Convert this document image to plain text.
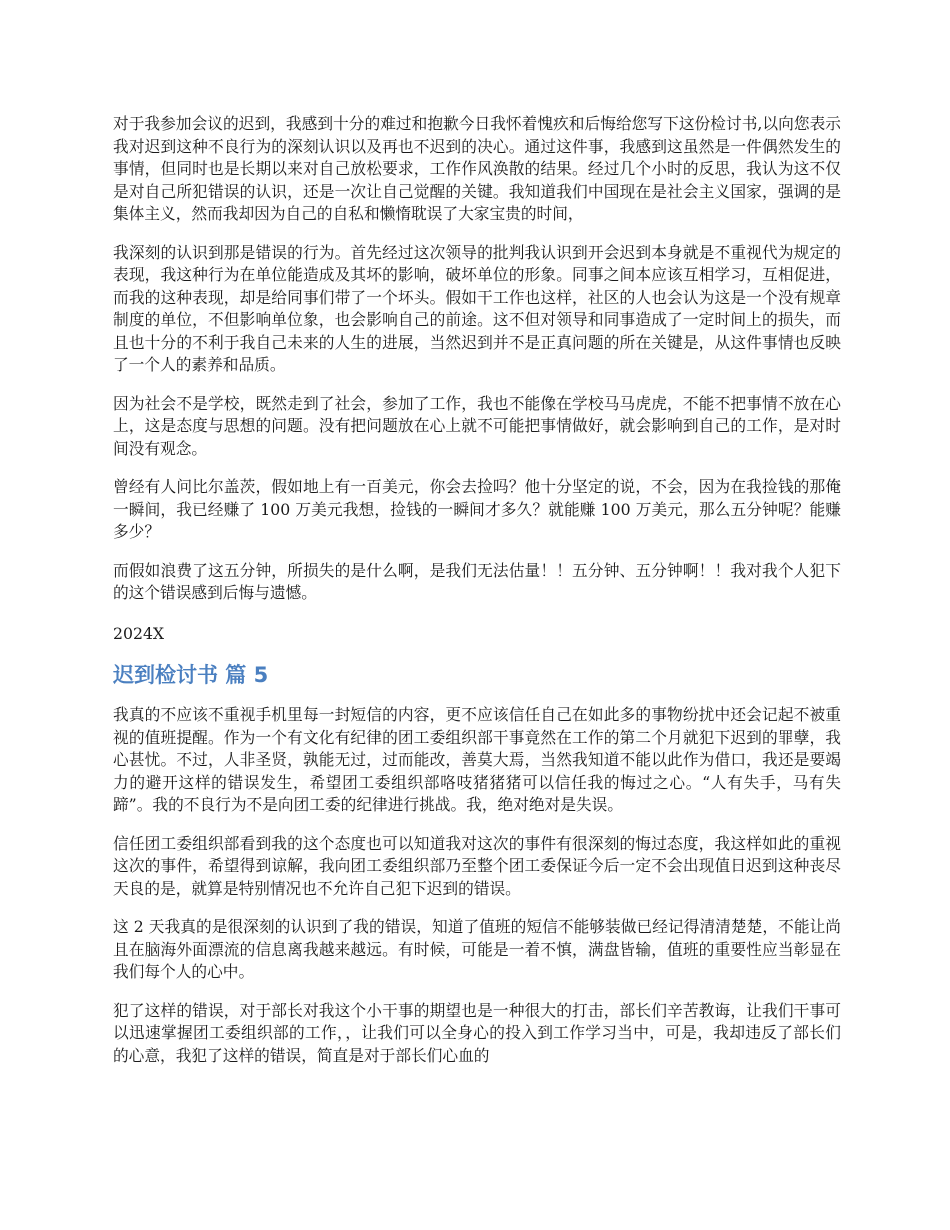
对于我参加会议的迟到，我感到十分的难过和抱歉今日我怀着愧疚和后悔给您写下这份检讨书,以向您表示我对迟到这种不良行为的深刻认识以及再也不迟到的决心。通过这件事，我感到这虽然是一件偶然发生的事情，但同时也是长期以来对自己放松要求，工作作风涣散的结果。经过几个小时的反思，我认为这不仅是对自己所犯错误的认识，还是一次让自己觉醒的关键。我知道我们中国现在是社会主义国家，强调的是集体主义，然而我却因为自己的自私和懒惰耽误了大家宝贵的时间，

我深刻的认识到那是错误的行为。首先经过这次领导的批判我认识到开会迟到本身就是不重视代为规定的表现，我这种行为在单位能造成及其坏的影响，破坏单位的形象。同事之间本应该互相学习，互相促进，而我的这种表现，却是给同事们带了一个坏头。假如干工作也这样，社区的人也会认为这是一个没有规章制度的单位，不但影响单位象，也会影响自己的前途。这不但对领导和同事造成了一定时间上的损失，而且也十分的不利于我自己未来的人生的进展，当然迟到并不是正真问题的所在关键是，从这件事情也反映了一个人的素养和品质。

因为社会不是学校，既然走到了社会，参加了工作，我也不能像在学校马马虎虎，不能不把事情不放在心上，这是态度与思想的问题。没有把问题放在心上就不可能把事情做好，就会影响到自己的工作，是对时间没有观念。

曾经有人问比尔盖茨，假如地上有一百美元，你会去捡吗？他十分坚定的说，不会，因为在我捡钱的那俺一瞬间，我已经赚了 100 万美元我想，捡钱的一瞬间才多久？就能赚 100 万美元，那么五分钟呢？能赚多少？

而假如浪费了这五分钟，所损失的是什么啊，是我们无法估量！！五分钟、五分钟啊！！我对我个人犯下的这个错误感到后悔与遗憾。

2024X

迟到检讨书 篇 5

我真的不应该不重视手机里每一封短信的内容，更不应该信任自己在如此多的事物纷扰中还会记起不被重视的值班提醒。作为一个有文化有纪律的团工委组织部干事竟然在工作的第二个月就犯下迟到的罪孽，我心甚忧。不过，人非圣贤，孰能无过，过而能改，善莫大焉，当然我知道不能以此作为借口，我还是要竭力的避开这样的错误发生，希望团工委组织部咯吱猪猪猪可以信任我的悔过之心。“人有失手，马有失蹄”。我的不良行为不是向团工委的纪律进行挑战。我，绝对绝对是失误。

信任团工委组织部看到我的这个态度也可以知道我对这次的事件有很深刻的悔过态度，我这样如此的重视这次的事件，希望得到谅解，我向团工委组织部乃至整个团工委保证今后一定不会出现值日迟到这种丧尽天良的是，就算是特别情况也不允许自己犯下迟到的错误。

这 2 天我真的是很深刻的认识到了我的错误，知道了值班的短信不能够装做已经记得清清楚楚，不能让尚且在脑海外面漂流的信息离我越来越远。有时候，可能是一着不慎，满盘皆输，值班的重要性应当彰显在我们每个人的心中。

犯了这样的错误，对于部长对我这个小干事的期望也是一种很大的打击，部长们辛苦教诲，让我们干事可以迅速掌握团工委组织部的工作，，让我们可以全身心的投入到工作学习当中，可是，我却违反了部长们的心意，我犯了这样的错误，简直是对于部长们心血的
